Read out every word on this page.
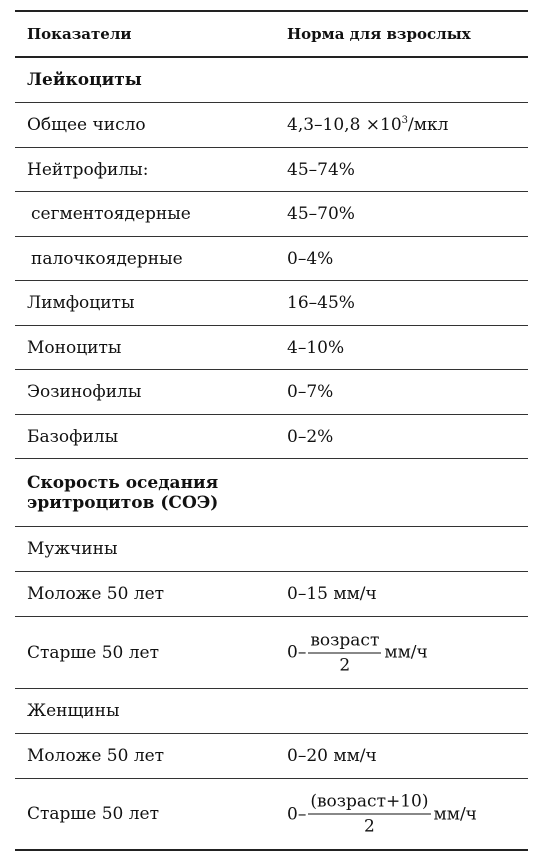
Показатели	Норма для взрослых
Лейкоциты
Общее число	$4,3-10,8 \times 10^3$/мкл
Нейтрофилы:	45–74%
сегментоядерные	45–70%
палочкоядерные	0–4%
Лимфоциты	16–45%
Моноциты	4–10%
Эозинофилы	0–7%
Базофилы	0–2%
Скорость оседания
эритроцитов (СОЭ)
Мужчины
Моложе 50 лет	0–15 мм/ч
Старше 50 лет	$0- \frac{\text{возраст}}{2} мм/ч$
Женщины
Моложе 50 лет	0–20 мм/ч
Старше 50 лет	$0- \frac{\text{(возраст+10)}}{2} мм/ч$
